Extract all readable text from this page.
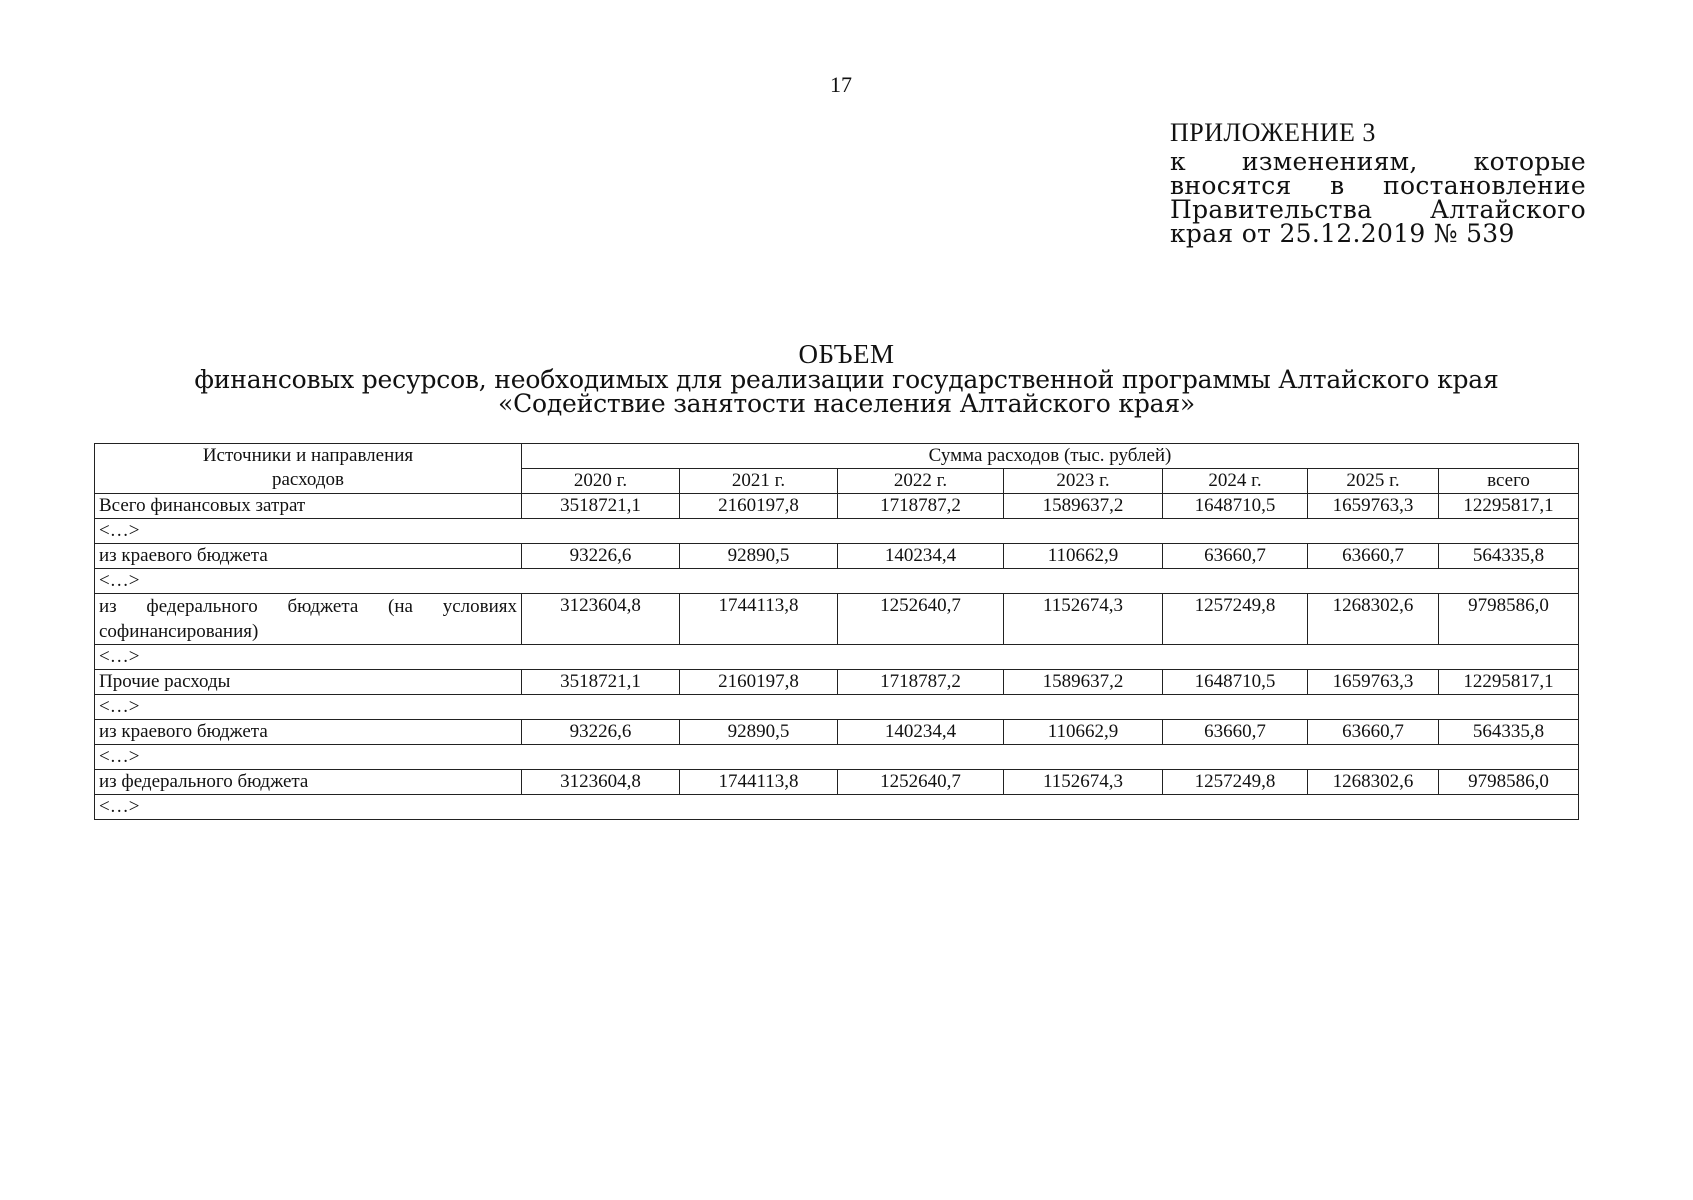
17

ПРИЛОЖЕНИЕ 3

к изменениям, которые вносятся в постановление Правительства Алтайского края от 25.12.2019 № 539

ОБЪЕМ
финансовых ресурсов, необходимых для реализации государственной программы Алтайского края
«Содействие занятости населения Алтайского края»
Источники и направления
расходов	Сумма расходов (тыс. рублей)						
	2020 г.	2021 г.	2022 г.	2023 г.	2024 г.	2025 г.	всего
Всего финансовых затрат	3518721,1	2160197,8	1718787,2	1589637,2	1648710,5	1659763,3	12295817,1
<…>							
из краевого бюджета	93226,6	92890,5	140234,4	110662,9	63660,7	63660,7	564335,8
<…>							
из федерального бюджета (на условиях софинансирования)	3123604,8	1744113,8	1252640,7	1152674,3	1257249,8	1268302,6	9798586,0
<…>							
Прочие расходы	3518721,1	2160197,8	1718787,2	1589637,2	1648710,5	1659763,3	12295817,1
<…>							
из краевого бюджета	93226,6	92890,5	140234,4	110662,9	63660,7	63660,7	564335,8
<…>							
из федерального бюджета	3123604,8	1744113,8	1252640,7	1152674,3	1257249,8	1268302,6	9798586,0
<…>							
